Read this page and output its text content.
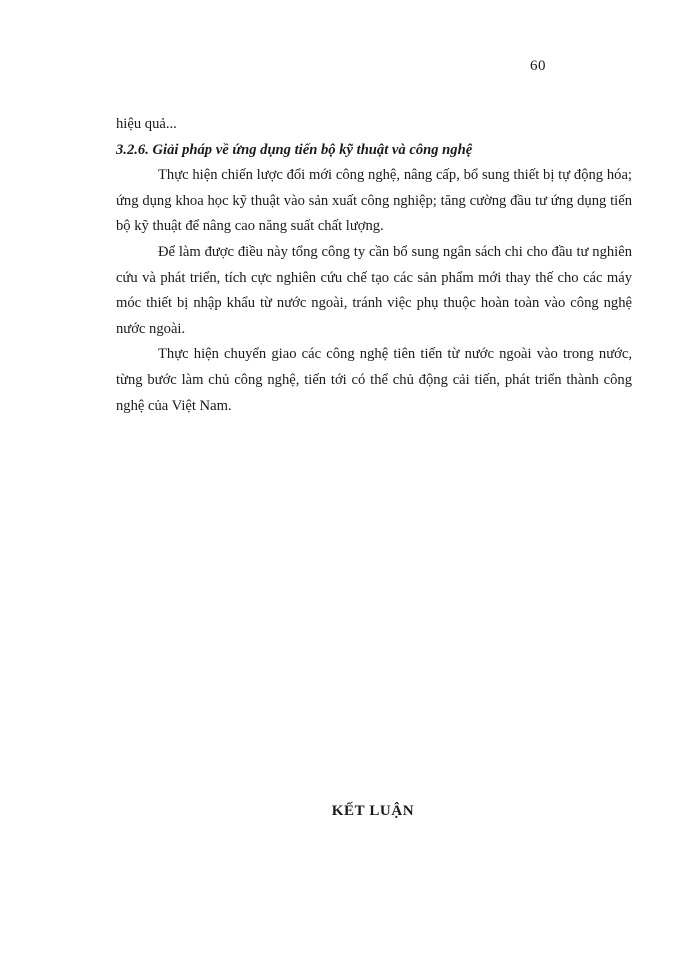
60

hiệu quả...

3.2.6. Giải pháp về ứng dụng tiến bộ kỹ thuật và công nghệ

Thực hiện chiến lược đổi mới công nghệ, nâng cấp, bổ sung thiết bị tự động hóa; ứng dụng khoa học kỹ thuật vào sản xuất công nghiệp; tăng cường đầu tư ứng dụng tiến bộ kỹ thuật để nâng cao năng suất chất lượng.

Để làm được điều này tổng công ty cần bổ sung ngân sách chi cho đầu tư nghiên cứu và phát triển, tích cực nghiên cứu chế tạo các sản phẩm mới thay thế cho các máy móc thiết bị nhập khẩu từ nước ngoài, tránh việc phụ thuộc hoàn toàn vào công nghệ nước ngoài.

Thực hiện chuyển giao các công nghệ tiên tiến từ nước ngoài vào trong nước, từng bước làm chủ công nghệ, tiến tới có thể chủ động cải tiến, phát triển thành công nghệ của Việt Nam.

KẾT LUẬN
